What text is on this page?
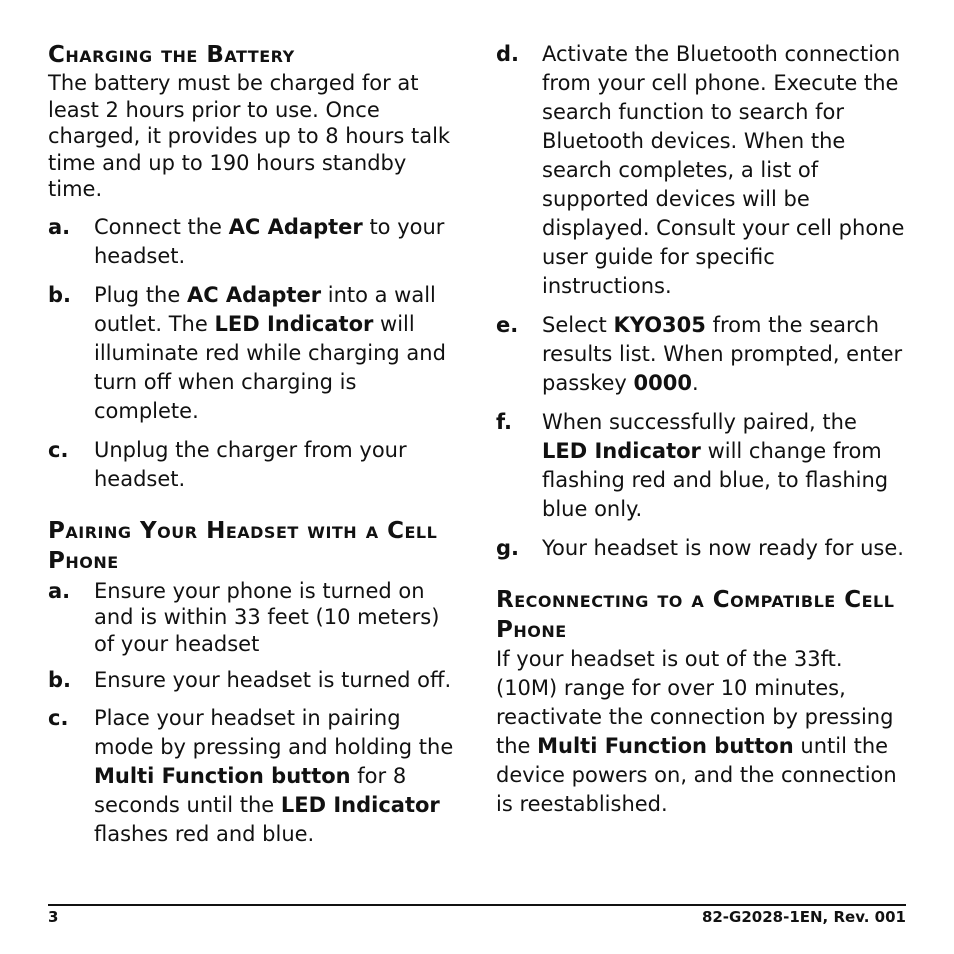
Charging the Battery

The battery must be charged for at least 2 hours prior to use. Once charged, it provides up to 8 hours talk time and up to 190 hours standby time.

a.	Connect the AC Adapter to your headset.
b.	Plug the AC Adapter into a wall outlet. The LED Indicator will illuminate red while charging and turn off when charging is complete.
c.	Unplug the charger from your headset.
Pairing Your Headset with a Cell Phone
a.	Ensure your phone is turned on and is within 33 feet (10 meters) of your headset
b.	Ensure your headset is turned off.
c.	Place your headset in pairing mode by pressing and holding the Multi Function button for 8 seconds until the LED Indicator flashes red and blue.
d.	Activate the Bluetooth connection from your cell phone. Execute the search function to search for Bluetooth devices. When the search completes, a list of supported devices will be displayed. Consult your cell phone user guide for specific instructions.
e.	Select KYO305 from the search results list. When prompted, enter passkey 0000.
f.	When successfully paired, the LED Indicator will change from flashing red and blue, to flashing blue only.
g.	Your headset is now ready for use.
Reconnecting to a Compatible Cell Phone

If your headset is out of the 33ft. (10M) range for over 10 minutes, reactivate the connection by pressing the Multi Function button until the device powers on, and the connection is reestablished.

3	82-G2028-1EN, Rev. 001
